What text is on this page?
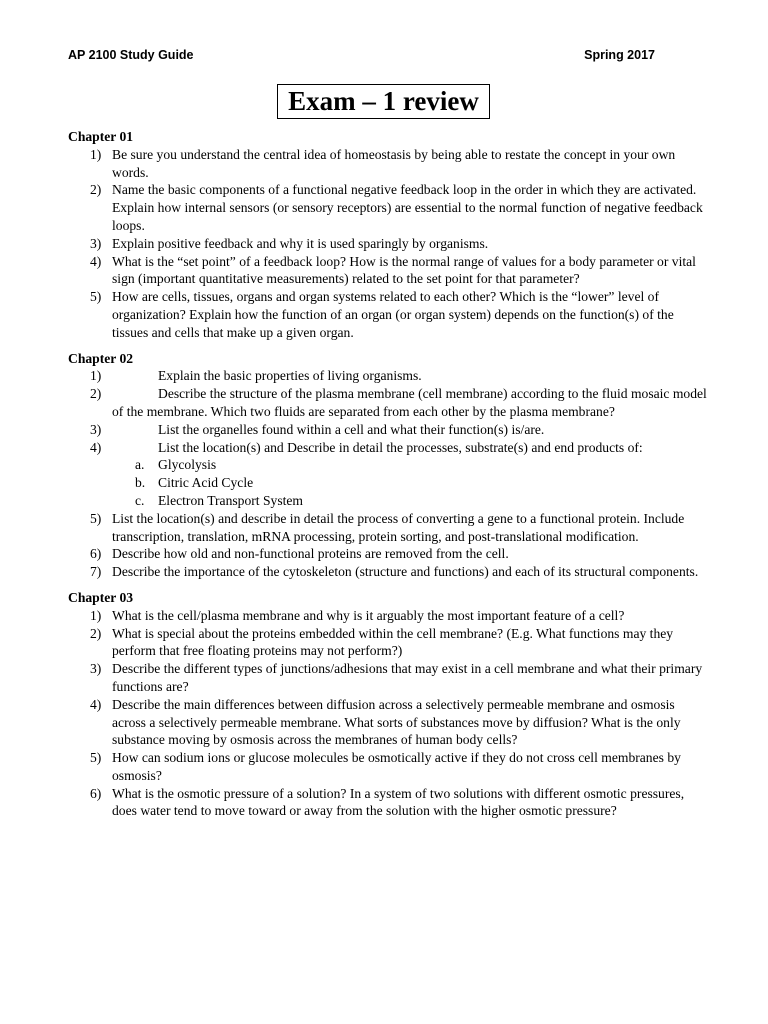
AP 2100 Study Guide	Spring 2017
Exam – 1 review
Chapter 01
1) Be sure you understand the central idea of homeostasis by being able to restate the concept in your own words.
2) Name the basic components of a functional negative feedback loop in the order in which they are activated. Explain how internal sensors (or sensory receptors) are essential to the normal function of negative feedback loops.
3) Explain positive feedback and why it is used sparingly by organisms.
4) What is the “set point” of a feedback loop? How is the normal range of values for a body parameter or vital sign (important quantitative measurements) related to the set point for that parameter?
5) How are cells, tissues, organs and organ systems related to each other? Which is the “lower” level of organization? Explain how the function of an organ (or organ system) depends on the function(s) of the tissues and cells that make up a given organ.
Chapter 02
1)	Explain the basic properties of living organisms.
2)	Describe the structure of the plasma membrane (cell membrane) according to the fluid mosaic model of the membrane. Which two fluids are separated from each other by the plasma membrane?
3)	List the organelles found within a cell and what their function(s) is/are.
4)	List the location(s) and Describe in detail the processes, substrate(s) and end products of:
a. Glycolysis
b. Citric Acid Cycle
c. Electron Transport System
5) List the location(s) and describe in detail the process of converting a gene to a functional protein. Include transcription, translation, mRNA processing, protein sorting, and post-translational modification.
6) Describe how old and non-functional proteins are removed from the cell.
7) Describe the importance of the cytoskeleton (structure and functions) and each of its structural components.
Chapter 03
1) What is the cell/plasma membrane and why is it arguably the most important feature of a cell?
2) What is special about the proteins embedded within the cell membrane? (E.g. What functions may they perform that free floating proteins may not perform?)
3) Describe the different types of junctions/adhesions that may exist in a cell membrane and what their primary functions are?
4) Describe the main differences between diffusion across a selectively permeable membrane and osmosis across a selectively permeable membrane. What sorts of substances move by diffusion? What is the only substance moving by osmosis across the membranes of human body cells?
5) How can sodium ions or glucose molecules be osmotically active if they do not cross cell membranes by osmosis?
6) What is the osmotic pressure of a solution? In a system of two solutions with different osmotic pressures, does water tend to move toward or away from the solution with the higher osmotic pressure?
